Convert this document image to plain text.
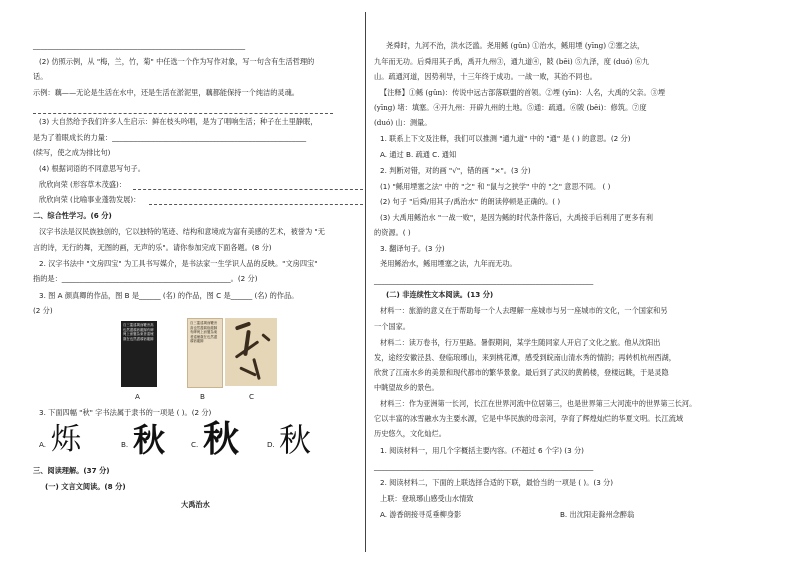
___________________________________________________________
(2) 仿照示例，从 "梅，兰，竹，菊" 中任选一个作为写作对象，写一句含有生活哲理的
话。
示例：藕——无论是生活在水中，还是生活在淤泥里，藕都能保持一个纯洁的灵魂。
(3) 大自然给予我们许多人生启示：鲜在枝头吟唱，是为了唱响生活；种子在土里静眠，
是为了着眼成长的力量：______________________________________________________
(续写，使之成为排比句)
(4) 根据词语的不同意思写句子。
欣欣向荣 (形容草木茂盛)：
欣欣向荣 (比喻事业蓬勃发展)：
二、综合性学习。(6 分)
汉字书法是汉民族独创的，它以独特的笔迹、结构和意境成为富有美感的艺术，被誉为 "无
言的诗，无行的舞，无图的画，无声的乐"。请你参加完成下面各题。(8 分)
2. 汉字书法中 "文房四宝" 为工具书写媒介，是书法家一生学识人品的反映。"文房四宝"
指的是：_______________________________________________。(2 分)
3. 图 A 颜真卿的作品，图 B 是______ (名) 的作品，图 C 是______ (名) 的作品。
(2 分)
自三蓋遠揭而鞭舍高也然盡翁宿龍歸有碑崗上而鬚為東者遠瘞歲在也然盡翁宿龍歸
自三蓋遠揭而鞭舍高也然盡翁宿龍歸有碑崗上而鬚為東者遠瘞歲在也然盡翁宿龍歸
A	B	C
3. 下面四幅 "秋" 字书法属于隶书的一项是 ( )。(2 分)
A. 烁	B. 秋	C. 秋	D. 秋
三、阅读理解。(37 分)
(一) 文言文阅读。(8 分)
大禹治水
尧舜时，九河不治，洪水泛滥。尧用鲧 (gǔn) ①治水，鲧用堙 (yīng) ②塞之法，
九年而无功。后舜用其子禹，禹开九州③，通九道④，陂 (bēi) ⑤九泽，度 (duó) ⑥九
山。疏通河道，因势利导，十三年终于成功。一战一败，其治不同也。
【注释】①鲧 (gǔn)：传说中远古部落联盟的首领。②堙 (yīn)：人名，大禹的父亲。③堙
(yīng) 堵：填塞。④开九州：开辟九州的土地。⑤通：疏通。⑥陂 (bēi)：修筑。⑦度
(duó) 山：测量。
1. 联系上下文及注释，我们可以推测 "通九道" 中的 "通" 是 ( ) 的意思。(2 分)
A. 通过 B. 疏通 C. 通知
2. 判断对错，对的画 "√"，错的画 "×"。(3 分)
(1) "鲧用堙塞之法" 中的 "之" 和 "鼠与之狭学" 中的 "之" 意思不同。 ( )
(2) 句子 "后舜/用其子/禹治水" 的朗读停顿是正确的。( )
(3) 大禹用鲧治水 "一战一败"，是因为鲧的时代条件落后，大禹接手后利用了更多有利
的资源。( )
3. 翻译句子。(3 分)
尧用鲧治水，鲧用堙塞之法，九年而无功。
_____________________________________________________________
(二) 非连续性文本阅读。(13 分)
材料一：旅游的意义在于帮助每一个人去理解一座城市与另一座城市的文化，一个国家和另
一个国家。
材料二：读万卷书，行万里路。暑假期间，某学生随同家人开启了文化之旅。他从沈阳出
发，途经安徽泾县、登临琅琊山，来到桃花潭，感受到皖南山清水秀的情韵；再转机杭州西湖，
欣赏了江南水乡的美景和现代都市的繁华景象。最后到了武汉的黄鹤楼，登楼远眺，于是灵隐
中眺望故乡的景色。
材料三：作为亚洲第一长河，长江在世界河流中位居第三，也是世界第三大河流中的世界第三长河。
它以丰富的冰雪融水为主要水源，它是中华民族的母亲河，孕育了辉煌灿烂的华夏文明。长江流域
历史悠久，文化灿烂。
1. 阅读材料一，用几个字概括主要内容。(不超过 6 个字) (3 分)
_____________________________________________________________
2. 阅读材料二，下面的上联选择合适的下联，最恰当的一项是 ( )。(3 分)
上联：登琅琊山感受山水情致
A. 游香朗接寻觅垂柳身影	B. 出沈阳走滁州念醉翁
